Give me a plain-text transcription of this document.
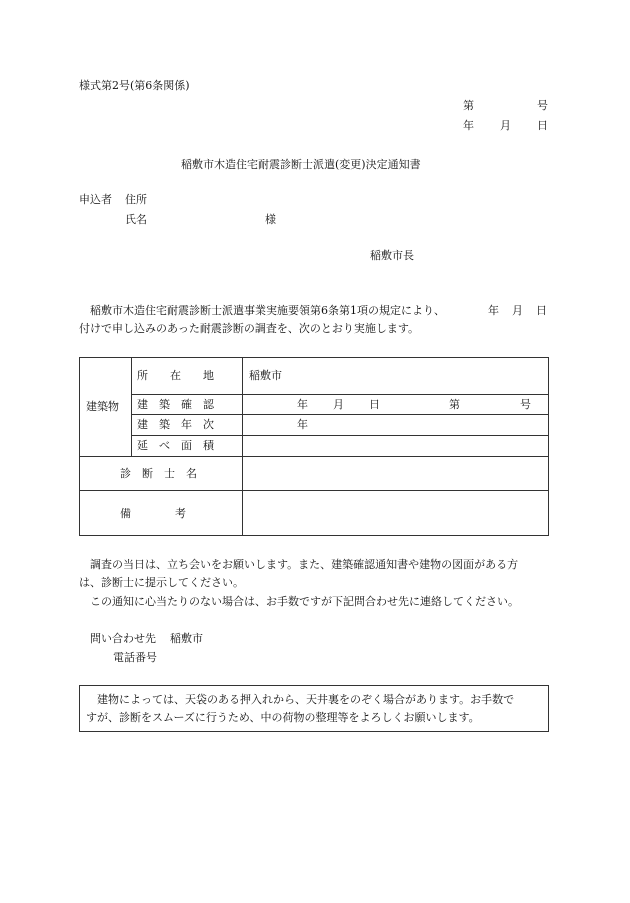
様式第2号(第6条関係)
第	号
年 月 日
稲敷市木造住宅耐震診断士派遣(変更)決定通知書
申込者 住所
氏名	様
稲敷市長
稲敷市木造住宅耐震診断士派遣事業実施要領第6条第1項の規定により、	年 月 日
付けで申し込みのあった耐震診断の調査を、次のとおり実施します。
建築物
所　　在　　地	稲敷市
建　築　確　認	年 月 日	第	号
建　築　年　次	年
延　べ　面　積
診　断　士　名
備　　　　考
調査の当日は、立ち会いをお願いします。また、建築確認通知書や建物の図面がある方
は、診断士に提示してください。
この通知に心当たりのない場合は、お手数ですが下記問合わせ先に連絡してください。
問い合わせ先 稲敷市
電話番号
建物によっては、天袋のある押入れから、天井裏をのぞく場合があります。お手数で
すが、診断をスムーズに行うため、中の荷物の整理等をよろしくお願いします。
